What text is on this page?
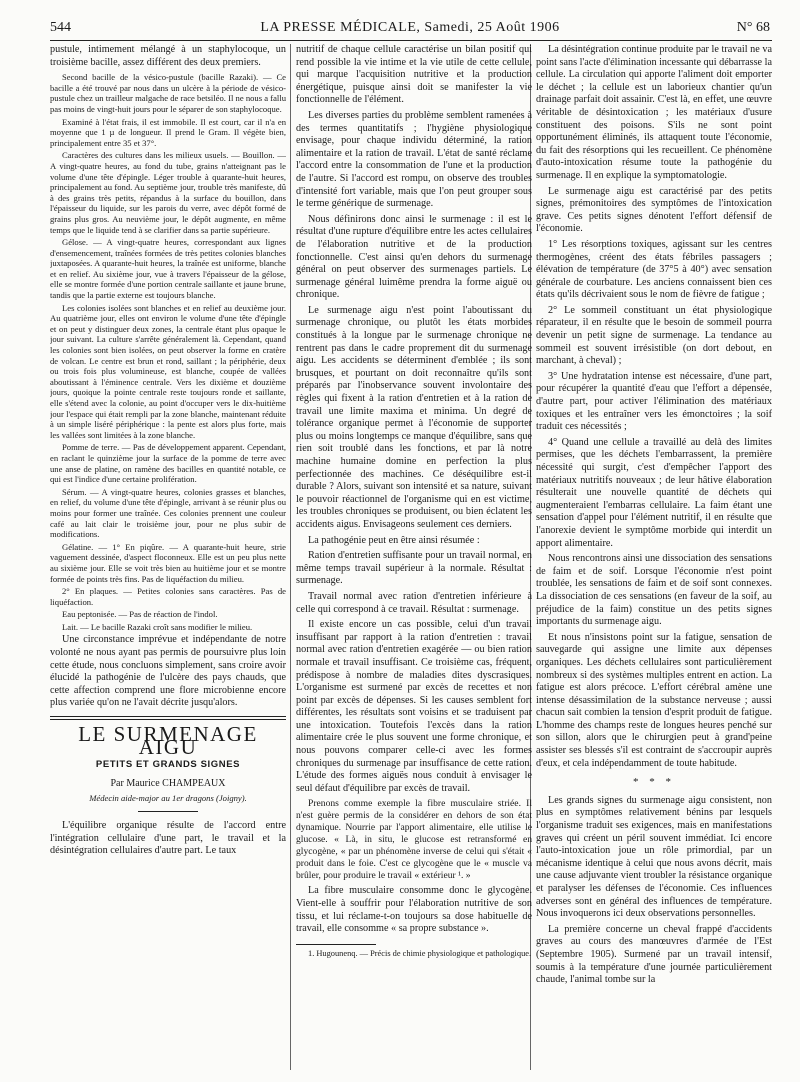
544	LA PRESSE MÉDICALE, Samedi, 25 Août 1906	N° 68

pustule, intimement mélangé à un staphylocoque, un troisième bacille, assez différent des deux premiers.

Second bacille de la vésico-pustule (bacille Razaki). — Ce bacille a été trouvé par nous dans un ulcère à la période de vésico-pustule chez un trailleur malgache de race betsiléo. Il ne nous a fallu pas moins de vingt-huit jours pour le séparer de son staphylocoque.

Examiné à l'état frais, il est immobile. Il est court, car il n'a en moyenne que 1 µ de longueur. Il prend le Gram. Il végète bien, principalement entre 35 et 37°.

Caractères des cultures dans les milieux usuels. — Bouillon. — A vingt-quatre heures, au fond du tube, grains n'atteignant pas le volume d'une tête d'épingle. Léger trouble à quarante-huit heures, principalement au fond. Au septième jour, trouble très manifeste, dû à des grains très petits, répandus à la surface du bouillon, dans l'épaisseur du liquide, sur les parois du verre, avec dépôt formé de grains plus gros. Au neuvième jour, le dépôt augmente, en même temps que le liquide tend à se clarifier dans sa partie supérieure.

Gélose. — A vingt-quatre heures, correspondant aux lignes d'ensemencement, traînées formées de très petites colonies blanches juxtaposées. A quarante-huit heures, la traînée est uniforme, blanche et en relief. Au sixième jour, vue à travers l'épaisseur de la gélose, elle se montre formée d'une portion centrale saillante et jaune brune, tandis que la partie externe est toujours blanche.

Les colonies isolées sont blanches et en relief au deuxième jour. Au quatrième jour, elles ont environ le volume d'une tête d'épingle et on peut y distinguer deux zones, la centrale étant plus opaque le jour suivant. La culture s'arrête généralement là. Cependant, quand les colonies sont bien isolées, on peut observer la forme en cratère de volcan. Le centre est brun et rond, saillant ; la périphérie, deux ou trois fois plus volumineuse, est blanche, coupée de vallées aboutissant à l'éminence centrale. Vers les dixième et douzième jours, quoique la pointe centrale reste toujours ronde et saillante, elle s'étend avec la colonie, au point d'occuper vers le dix-huitième jour l'espace qui était rempli par la zone blanche, maintenant réduite à un simple liséré périphérique : la pente est alors plus forte, mais les vallées sont limitées à la zone blanche.

Pomme de terre. — Pas de développement apparent. Cependant, en raclant le quinzième jour la surface de la pomme de terre avec une anse de platine, on ramène des bacilles en quantité notable, ce qui est l'indice d'une certaine prolifération.

Sérum. — A vingt-quatre heures, colonies grasses et blanches, en relief, du volume d'une tête d'épingle, arrivant à se réunir plus ou moins pour former une traînée. Ces colonies prennent une couleur café au lait clair le troisième jour, pour ne plus subir de modifications.

Gélatine. — 1° En piqûre. — A quarante-huit heure, strie vaguement dessinée, d'aspect floconneux. Elle est un peu plus nette au sixième jour. Elle se voit très bien au huitième jour et se montre formée de points très fins. Pas de liquéfaction du milieu.

2° En plaques. — Petites colonies sans caractères. Pas de liquéfaction.

Eau peptonisée. — Pas de réaction de l'indol.

Lait. — Le bacille Razaki croît sans modifier le milieu.

Une circonstance imprévue et indépendante de notre volonté ne nous ayant pas permis de poursuivre plus loin cette étude, nous concluons simplement, sans croire avoir élucidé la pathogénie de l'ulcère des pays chauds, que cette affection comprend une flore microbienne encore plus variée qu'on ne l'avait décrite jusqu'alors.

LE SURMENAGE AIGU
PETITS ET GRANDS SIGNES
Par Maurice CHAMPEAUX
Médecin aide-major au 1er dragons (Joigny).

L'équilibre organique résulte de l'accord entre l'intégration cellulaire d'une part, le travail et la désintégration cellulaires d'autre part. Le taux

nutritif de chaque cellule caractérise un bilan positif qui rend possible la vie intime et la vie utile de cette cellule, qui marque l'acquisition nutritive et la production énergétique, puisque ainsi doit se manifester la vie fonctionnelle de l'élément.

Les diverses parties du problème semblent ramenées à des termes quantitatifs ; l'hygiène physiologique envisage, pour chaque individu déterminé, la ration alimentaire et la ration de travail. L'état de santé réclame l'accord entre la consommation de l'une et la production de l'autre. Si l'accord est rompu, on observe des troubles d'intensité fort variable, mais que l'on peut grouper sous le terme générique de surmenage.

Nous définirons donc ainsi le surmenage : il est le résultat d'une rupture d'équilibre entre les actes cellulaires de l'élaboration nutritive et de la production fonctionnelle. C'est ainsi qu'en dehors du surmenage général on peut observer des surmenages partiels. Le surmenage général luimême prendra la forme aiguë ou chronique.

Le surmenage aigu n'est point l'aboutissant du surmenage chronique, ou plutôt les états morbides constitués à la longue par le surmenage chronique ne rentrent pas dans le cadre proprement dit du surmenage aigu. Les accidents se déterminent d'emblée ; ils sont brusques, et pourtant on doit reconnaître qu'ils sont préparés par l'inobservance souvent involontaire des règles qui fixent à la ration d'entretien et à la ration de travail une limite maxima et minima. Un degré de tolérance organique permet à l'économie de supporter plus ou moins longtemps ce manque d'équilibre, sans que rien soit troublé dans les fonctions, et par là notre machine humaine domine en perfection la plus perfectionnée des machines. Ce déséquilibre est-il durable ? Alors, suivant son intensité et sa nature, suivant le pouvoir réactionnel de l'organisme qui en est victime, les troubles chroniques se produisent, ou bien éclatent les accidents aigus. Envisageons seulement ces derniers.

La pathogénie peut en être ainsi résumée :

Ration d'entretien suffisante pour un travail normal, en même temps travail supérieur à la normale. Résultat : surmenage.

Travail normal avec ration d'entretien inférieure à celle qui correspond à ce travail. Résultat : surmenage.

Il existe encore un cas possible, celui d'un travail insuffisant par rapport à la ration d'entretien : travail normal avec ration d'entretien exagérée — ou bien ration normale et travail insuffisant. Ce troisième cas, fréquent, prédispose à nombre de maladies dites dyscrasiques. L'organisme est surmené par excès de recettes et non point par excès de dépenses. Si les causes semblent fort différentes, les résultats sont voisins et se traduisent par une intoxication. Toutefois l'excès dans la ration alimentaire crée le plus souvent une forme chronique, et nous pouvons comparer celle-ci avec les formes chroniques du surmenage par insuffisance de cette ration. L'étude des formes aiguës nous conduit à envisager le seul défaut d'équilibre par excès de travail.

Prenons comme exemple la fibre musculaire striée. Il n'est guère permis de la considérer en dehors de son état dynamique. Nourrie par l'apport alimentaire, elle utilise le glucose. « Là, in situ, le glucose est retransformé en glycogène, « par un phénomène inverse de celui qui s'était « produit dans le foie. C'est ce glycogène que le « muscle va brûler, pour produire le travail « extérieur ¹. »

La fibre musculaire consomme donc le glycogène. Vient-elle à souffrir pour l'élaboration nutritive de son tissu, et lui réclame-t-on toujours sa dose habituelle de travail, elle consomme « sa propre substance ».

1. Hugounenq. — Précis de chimie physiologique et pathologique.

La désintégration continue produite par le travail ne va point sans l'acte d'élimination incessante qui débarrasse la cellule. La circulation qui apporte l'aliment doit emporter le déchet ; la cellule est un laborieux chantier qu'un drainage parfait doit assainir. C'est là, en effet, une œuvre véritable de désintoxication ; les matériaux d'usure constituent des poisons. S'ils ne sont point opportunément éliminés, ils attaquent toute l'économie, du fait des résorptions qui les recueillent. Ce phénomène d'auto-intoxication résume toute la pathogénie du surmenage. Il en explique la symptomatologie.

Le surmenage aigu est caractérisé par des petits signes, prémonitoires des symptômes de l'intoxication grave. Ces petits signes dénotent l'effort défensif de l'économie.

1° Les résorptions toxiques, agissant sur les centres thermogènes, créent des états fébriles passagers ; élévation de température (de 37°5 à 40°) avec sensation générale de courbature. Les anciens connaissent bien ces états qu'ils décrivaient sous le nom de fièvre de fatigue ;

2° Le sommeil constituant un état physiologique réparateur, il en résulte que le besoin de sommeil pourra devenir un petit signe de surmenage. La tendance au sommeil est souvent irrésistible (on dort debout, en marchant, à cheval) ;

3° Une hydratation intense est nécessaire, d'une part, pour récupérer la quantité d'eau que l'effort a dépensée, d'autre part, pour activer l'élimination des matériaux toxiques et les entraîner vers les émonctoires ; la soif traduit ces nécessités ;

4° Quand une cellule a travaillé au delà des limites permises, que les déchets l'embarrassent, la première nécessité qui surgit, c'est d'empêcher l'apport des matériaux nutritifs nouveaux ; de leur hâtive élaboration résulterait une nouvelle quantité de déchets qui augmenteraient l'embarras cellulaire. La faim étant une sensation d'appel pour l'élément nutritif, il en résulte que l'anorexie devient le symptôme morbide qui interdit un apport alimentaire.

Nous rencontrons ainsi une dissociation des sensations de faim et de soif. Lorsque l'économie n'est point troublée, les sensations de faim et de soif sont connexes. La dissociation de ces sensations (en faveur de la soif, au préjudice de la faim) constitue un des petits signes importants du surmenage aigu.

Et nous n'insistons point sur la fatigue, sensation de sauvegarde qui assigne une limite aux dépenses organiques. Les déchets cellulaires sont particulièrement nombreux si des systèmes multiples entrent en action. La fatigue est alors précoce. L'effort cérébral amène une intense désassimilation de la substance nerveuse ; aussi chacun sait combien la tension d'esprit produit de fatigue. L'homme des champs reste de longues heures penché sur son sillon, alors que le chirurgien peut à grand'peine assister ses blessés s'il est contraint de s'accroupir auprès d'eux, et cela indépendamment de toute habitude.

* * *

Les grands signes du surmenage aigu consistent, non plus en symptômes relativement bénins par lesquels l'organisme traduit ses exigences, mais en manifestations graves qui créent un péril souvent immédiat. Ici encore l'auto-intoxication joue un rôle primordial, par un mécanisme identique à celui que nous avons décrit, mais une cause adjuvante vient troubler la résistance organique et paralyser les défenses de l'économie. Ces influences adverses sont en général des influences de température. Nous invoquerons ici deux observations personnelles.

La première concerne un cheval frappé d'accidents graves au cours des manœuvres d'armée de l'Est (Septembre 1905). Surmené par un travail intensif, soumis à la température d'une journée particulièrement chaude, l'animal tombe sur la
